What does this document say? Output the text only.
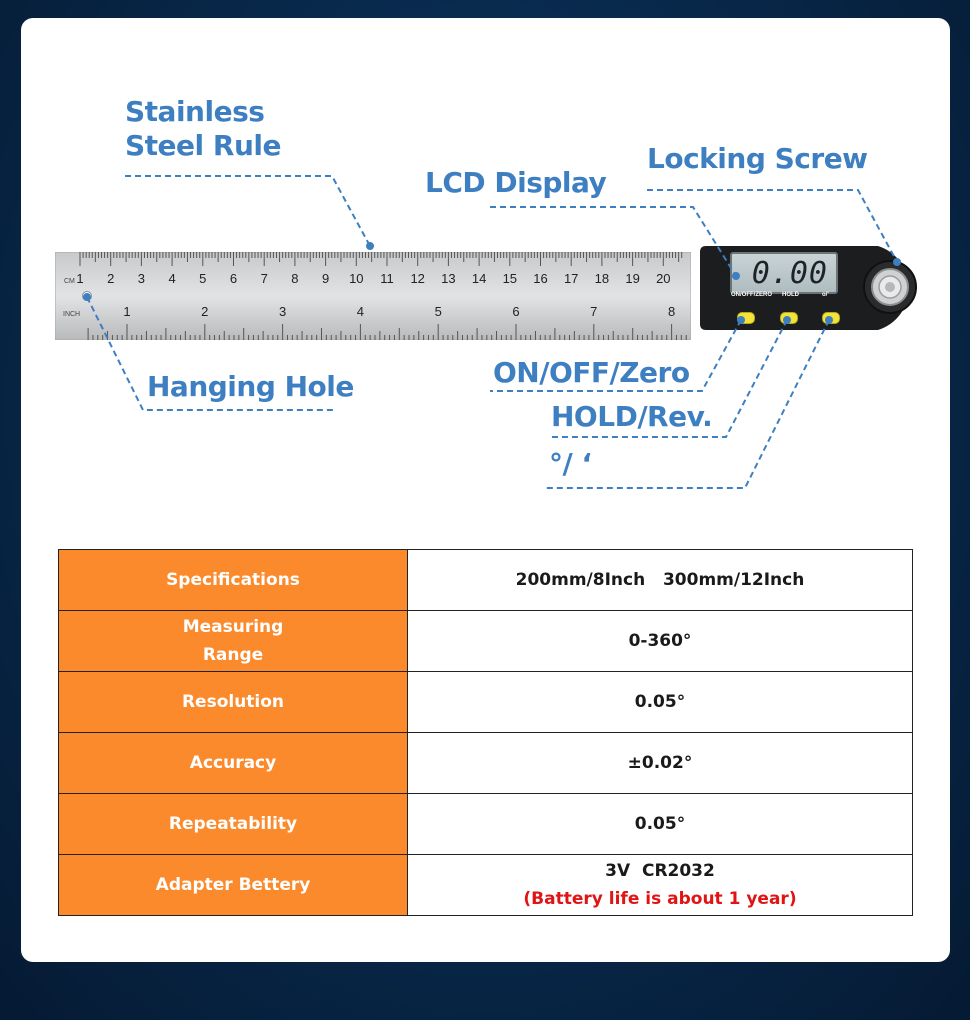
Stainless
Steel Rule
LCD Display
Locking Screw
Hanging Hole	ON/OFF/Zero
HOLD/Rev.
°/ ‘
CM
INCH
1 2 3 4 5 6 7 8 9 10 11 12 13 14 15 16 17 18 19 20
1	2	3	4	5	6	7	8
0.00
ON/OFF/ZERO HOLD	o/'
Specifications	200mm/8Inch   300mm/12Inch

Measuring
Range	0-360°
Resolution	0.05°
Accuracy	±0.02°
Repeatability	0.05°
Adapter Bettery	3V  CR2032
(Battery life is about 1 year)
